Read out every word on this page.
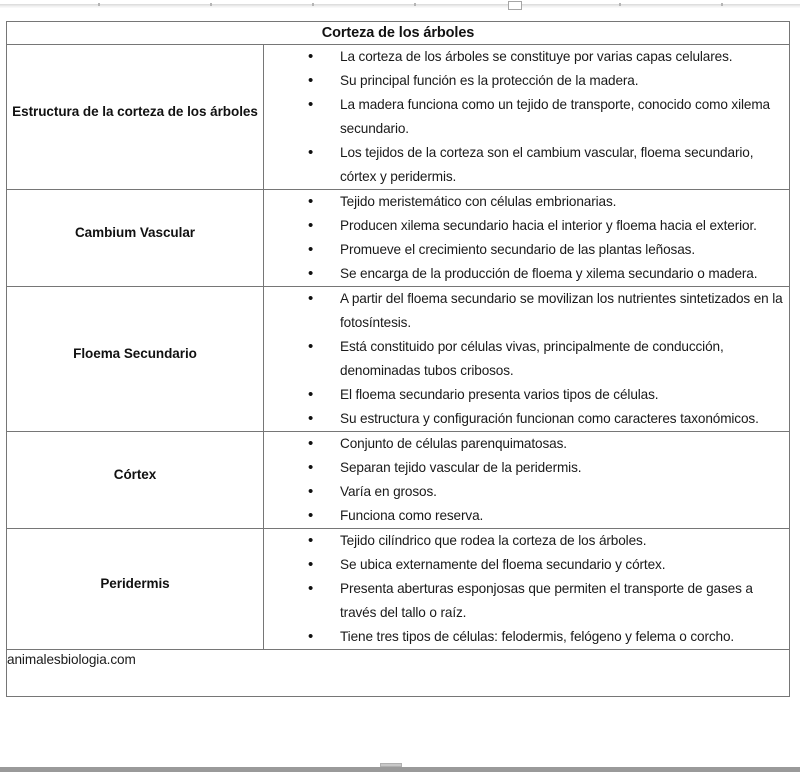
Corteza de los árboles	

Estructura de la corteza de los árboles

• La corteza de los árboles se constituye por varias capas celulares.
• Su principal función es la protección de la madera.
• La madera funciona como un tejido de transporte, conocido como xilema secundario.
• Los tejidos de la corteza son el cambium vascular, floema secundario, córtex y peridermis.

Cambium Vascular

• Tejido meristemático con células embrionarias.
• Producen xilema secundario hacia el interior y floema hacia el exterior.
• Promueve el crecimiento secundario de las plantas leñosas.
• Se encarga de la producción de floema y xilema secundario o madera.

Floema Secundario

• A partir del floema secundario se movilizan los nutrientes sintetizados en la fotosíntesis.
• Está constituido por células vivas, principalmente de conducción, denominadas tubos cribosos.
• El floema secundario presenta varios tipos de células.
• Su estructura y configuración funcionan como caracteres taxonómicos.

Córtex

• Conjunto de células parenquimatosas.
• Separan tejido vascular de la peridermis.
• Varía en grosos.
• Funciona como reserva.

Peridermis

• Tejido cilíndrico que rodea la corteza de los árboles.
• Se ubica externamente del floema secundario y córtex.
• Presenta aberturas esponjosas que permiten el transporte de gases a través del tallo o raíz.
• Tiene tres tipos de células: felodermis, felógeno y felema o corcho.

animalesbiologia.com	
